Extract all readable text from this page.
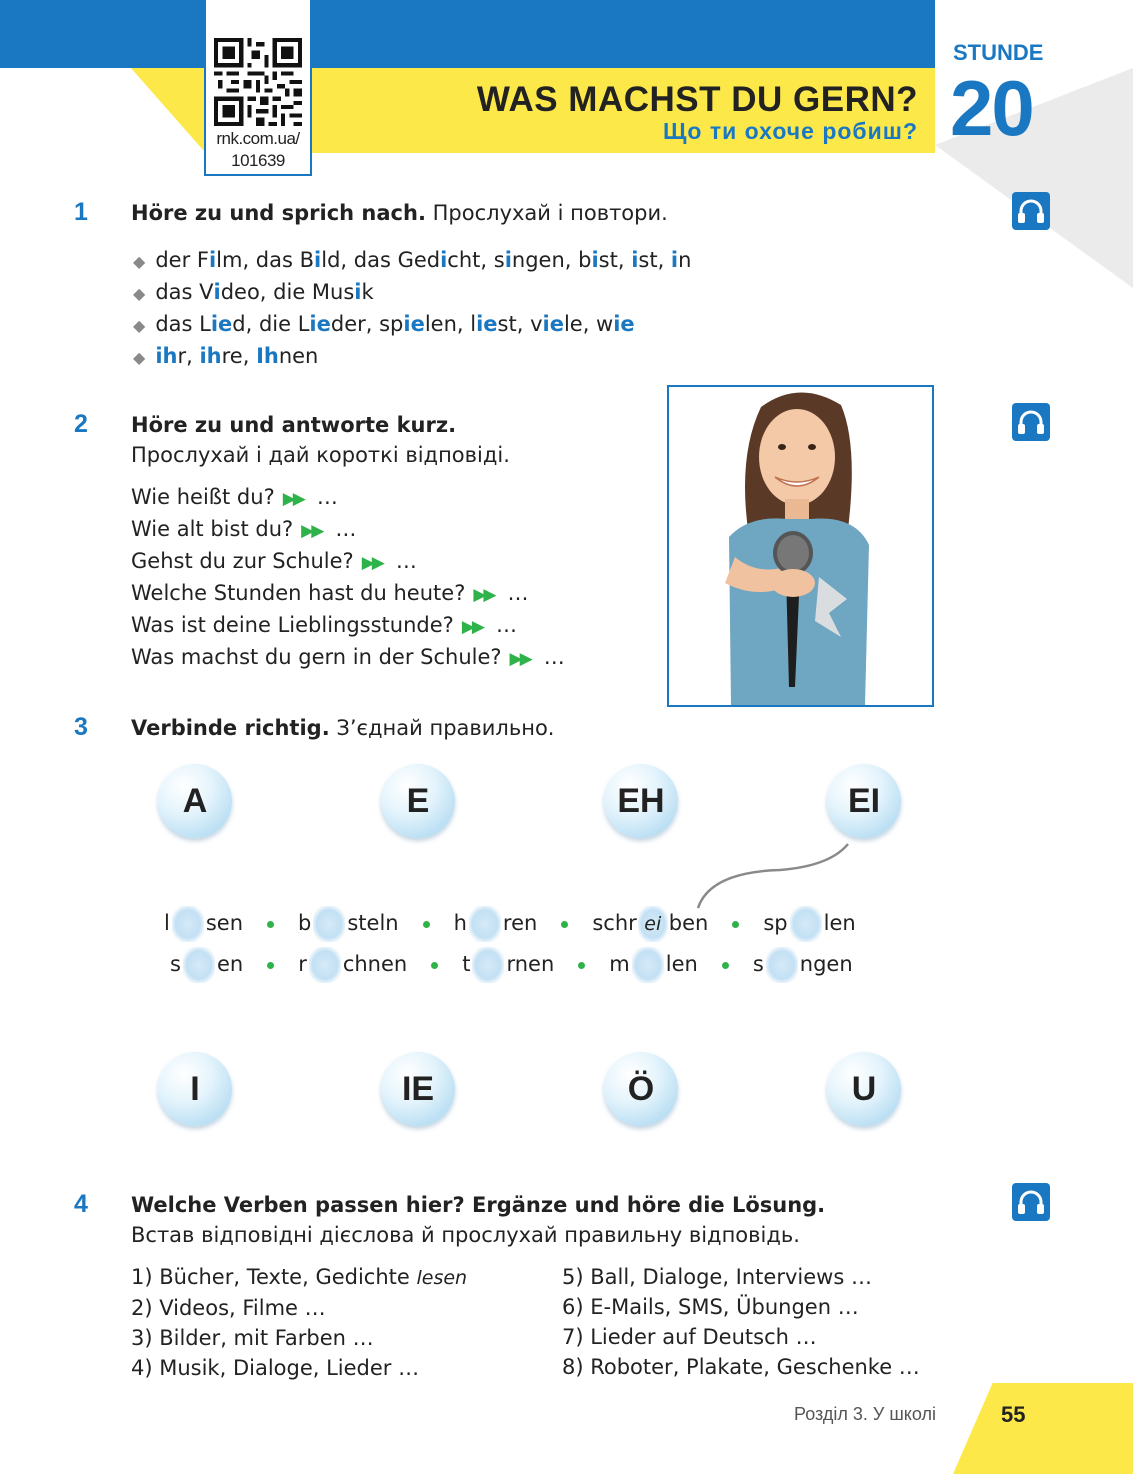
rnk.com.ua/
101639
WAS MACHST DU GERN?
Що ти охоче робиш?
STUNDE
20
1 Höre zu und sprich nach. Прослухай і повтори.
◆ der Film, das Bild, das Gedicht, singen, bist, ist, in
◆ das Video, die Musik
◆ das Lied, die Lieder, spielen, liest, viele, wie
◆ ihr, ihre, Ihnen
2 Höre zu und antworte kurz.
Прослухай і дай короткі відповіді.
Wie heißt du? ▶▶ …
Wie alt bist du? ▶▶ …
Gehst du zur Schule? ▶▶ …
Welche Stunden hast du heute? ▶▶ …
Was ist deine Lieblingsstunde? ▶▶ …
Was machst du gern in der Schule? ▶▶ …
3 Verbinde richtig. З’єднай правильно.
A	E	EH	EI
l sen	b steln	h ren	schr ei ben	sp len
s en	r chnen	t rnen	m len	s ngen
I	IE	Ö	U
4 Welche Verben passen hier? Ergänze und höre die Lösung.
Встав відповідні дієслова й прослухай правильну відповідь.
1) Bücher, Texte, Gedichte lesen
2) Videos, Filme …
3) Bilder, mit Farben …
4) Musik, Dialoge, Lieder …
5) Ball, Dialoge, Interviews …
6) E-Mails, SMS, Übungen …
7) Lieder auf Deutsch …
8) Roboter, Plakate, Geschenke …
Розділ 3. У школі	55
